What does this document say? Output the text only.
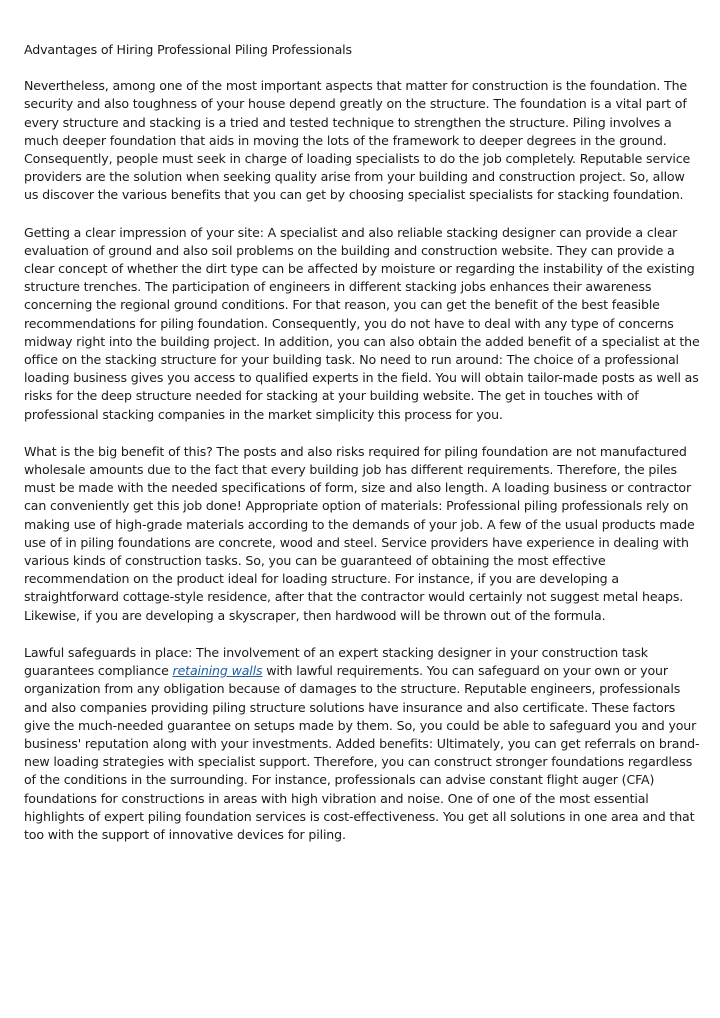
Advantages of Hiring Professional Piling Professionals

Nevertheless, among one of the most important aspects that matter for construction is the foundation. The security and also toughness of your house depend greatly on the structure. The foundation is a vital part of every structure and stacking is a tried and tested technique to strengthen the structure. Piling involves a much deeper foundation that aids in moving the lots of the framework to deeper degrees in the ground. Consequently, people must seek in charge of loading specialists to do the job completely. Reputable service providers are the solution when seeking quality arise from your building and construction project. So, allow us discover the various benefits that you can get by choosing specialist specialists for stacking foundation.

Getting a clear impression of your site: A specialist and also reliable stacking designer can provide a clear evaluation of ground and also soil problems on the building and construction website. They can provide a clear concept of whether the dirt type can be affected by moisture or regarding the instability of the existing structure trenches. The participation of engineers in different stacking jobs enhances their awareness concerning the regional ground conditions. For that reason, you can get the benefit of the best feasible recommendations for piling foundation. Consequently, you do not have to deal with any type of concerns midway right into the building project. In addition, you can also obtain the added benefit of a specialist at the office on the stacking structure for your building task. No need to run around: The choice of a professional loading business gives you access to qualified experts in the field. You will obtain tailor-made posts as well as risks for the deep structure needed for stacking at your building website. The get in touches with of professional stacking companies in the market simplicity this process for you.

What is the big benefit of this? The posts and also risks required for piling foundation are not manufactured wholesale amounts due to the fact that every building job has different requirements. Therefore, the piles must be made with the needed specifications of form, size and also length. A loading business or contractor can conveniently get this job done! Appropriate option of materials: Professional piling professionals rely on making use of high-grade materials according to the demands of your job. A few of the usual products made use of in piling foundations are concrete, wood and steel. Service providers have experience in dealing with various kinds of construction tasks. So, you can be guaranteed of obtaining the most effective recommendation on the product ideal for loading structure. For instance, if you are developing a straightforward cottage-style residence, after that the contractor would certainly not suggest metal heaps. Likewise, if you are developing a skyscraper, then hardwood will be thrown out of the formula.

Lawful safeguards in place: The involvement of an expert stacking designer in your construction task guarantees compliance retaining walls with lawful requirements. You can safeguard on your own or your organization from any obligation because of damages to the structure. Reputable engineers, professionals and also companies providing piling structure solutions have insurance and also certificate. These factors give the much-needed guarantee on setups made by them. So, you could be able to safeguard you and your business' reputation along with your investments. Added benefits: Ultimately, you can get referrals on brand-new loading strategies with specialist support. Therefore, you can construct stronger foundations regardless of the conditions in the surrounding. For instance, professionals can advise constant flight auger (CFA) foundations for constructions in areas with high vibration and noise. One of one of the most essential highlights of expert piling foundation services is cost-effectiveness. You get all solutions in one area and that too with the support of innovative devices for piling.
